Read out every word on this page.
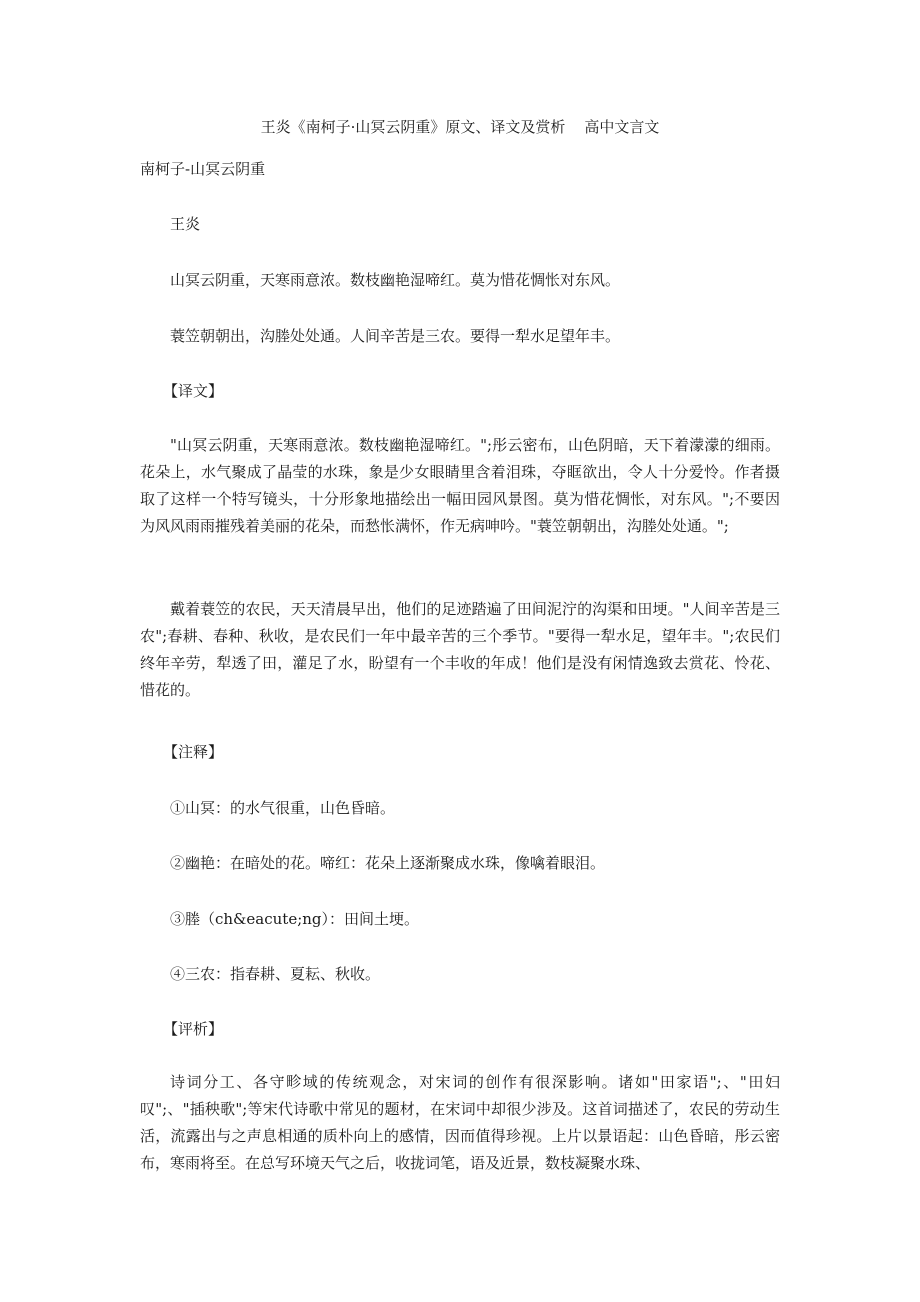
王炎《南柯子·山冥云阴重》原文、译文及赏析    高中文言文
南柯子-山冥云阴重
王炎
山冥云阴重，天寒雨意浓。数枝幽艳湿啼红。莫为惜花惆怅对东风。
蓑笠朝朝出，沟塍处处通。人间辛苦是三农。要得一犁水足望年丰。
【译文】
"山冥云阴重，天寒雨意浓。数枝幽艳湿啼红。";彤云密布，山色阴暗，天下着濛濛的细雨。花朵上，水气聚成了晶莹的水珠，象是少女眼睛里含着泪珠，夺眶欲出，令人十分爱怜。作者摄取了这样一个特写镜头，十分形象地描绘出一幅田园风景图。莫为惜花惆怅，对东风。";不要因为风风雨雨摧残着美丽的花朵，而愁怅满怀，作无病呻吟。"蓑笠朝朝出，沟塍处处通。";
戴着蓑笠的农民，天天清晨早出，他们的足迹踏遍了田间泥泞的沟渠和田埂。"人间辛苦是三农";春耕、春种、秋收，是农民们一年中最辛苦的三个季节。"要得一犁水足，望年丰。";农民们终年辛劳，犁透了田，灌足了水，盼望有一个丰收的年成！他们是没有闲情逸致去赏花、怜花、惜花的。
【注释】
①山冥：的水气很重，山色昏暗。
②幽艳：在暗处的花。啼红：花朵上逐渐聚成水珠，像噙着眼泪。
③塍（ch&eacute;ng）：田间土埂。
④三农：指春耕、夏耘、秋收。
【评析】
诗词分工、各守畛域的传统观念，对宋词的创作有很深影响。诸如"田家语";、"田妇叹";、"插秧歌";等宋代诗歌中常见的题材，在宋词中却很少涉及。这首词描述了，农民的劳动生活，流露出与之声息相通的质朴向上的感情，因而值得珍视。上片以景语起：山色昏暗，彤云密布，寒雨将至。在总写环境天气之后，收拢词笔，语及近景，数枝凝聚水珠、
